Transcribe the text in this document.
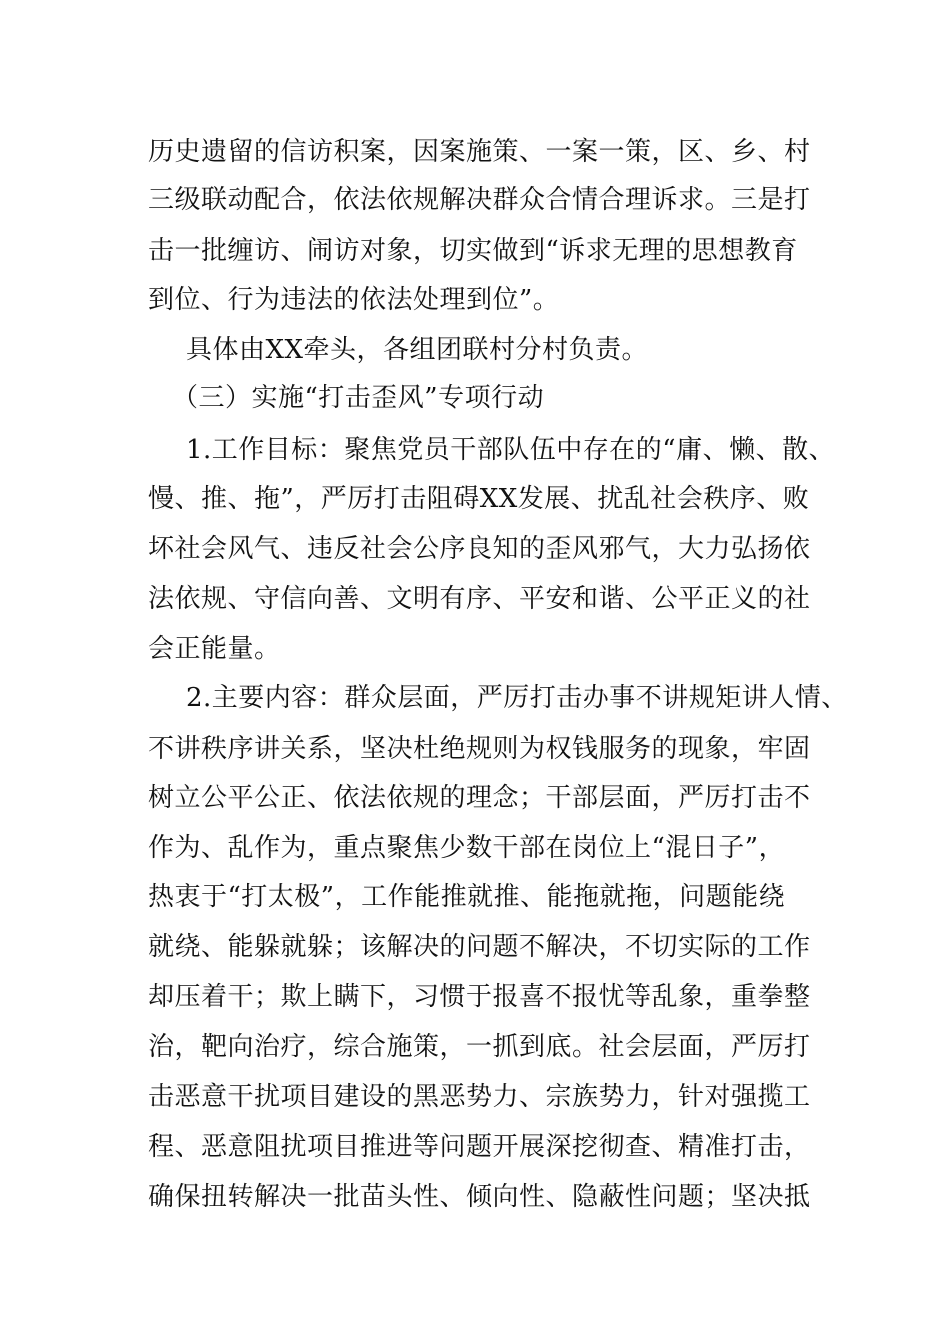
历史遗留的信访积案，因案施策、一案一策，区、乡、村
三级联动配合，依法依规解决群众合情合理诉求。三是打
击一批缠访、闹访对象，切实做到“诉求无理的思想教育
到位、行为违法的依法处理到位”。
具体由XX牵头，各组团联村分村负责。
（三）实施“打击歪风”专项行动
1.工作目标：聚焦党员干部队伍中存在的“庸、懒、散、
慢、推、拖”，严厉打击阻碍XX发展、扰乱社会秩序、败
坏社会风气、违反社会公序良知的歪风邪气，大力弘扬依
法依规、守信向善、文明有序、平安和谐、公平正义的社
会正能量。
2.主要内容：群众层面，严厉打击办事不讲规矩讲人情、
不讲秩序讲关系，坚决杜绝规则为权钱服务的现象，牢固
树立公平公正、依法依规的理念；干部层面，严厉打击不
作为、乱作为，重点聚焦少数干部在岗位上“混日子”，
热衷于“打太极”，工作能推就推、能拖就拖，问题能绕
就绕、能躲就躲；该解决的问题不解决，不切实际的工作
却压着干；欺上瞒下，习惯于报喜不报忧等乱象，重拳整
治，靶向治疗，综合施策，一抓到底。社会层面，严厉打
击恶意干扰项目建设的黑恶势力、宗族势力，针对强揽工
程、恶意阻扰项目推进等问题开展深挖彻查、精准打击，
确保扭转解决一批苗头性、倾向性、隐蔽性问题；坚决抵
